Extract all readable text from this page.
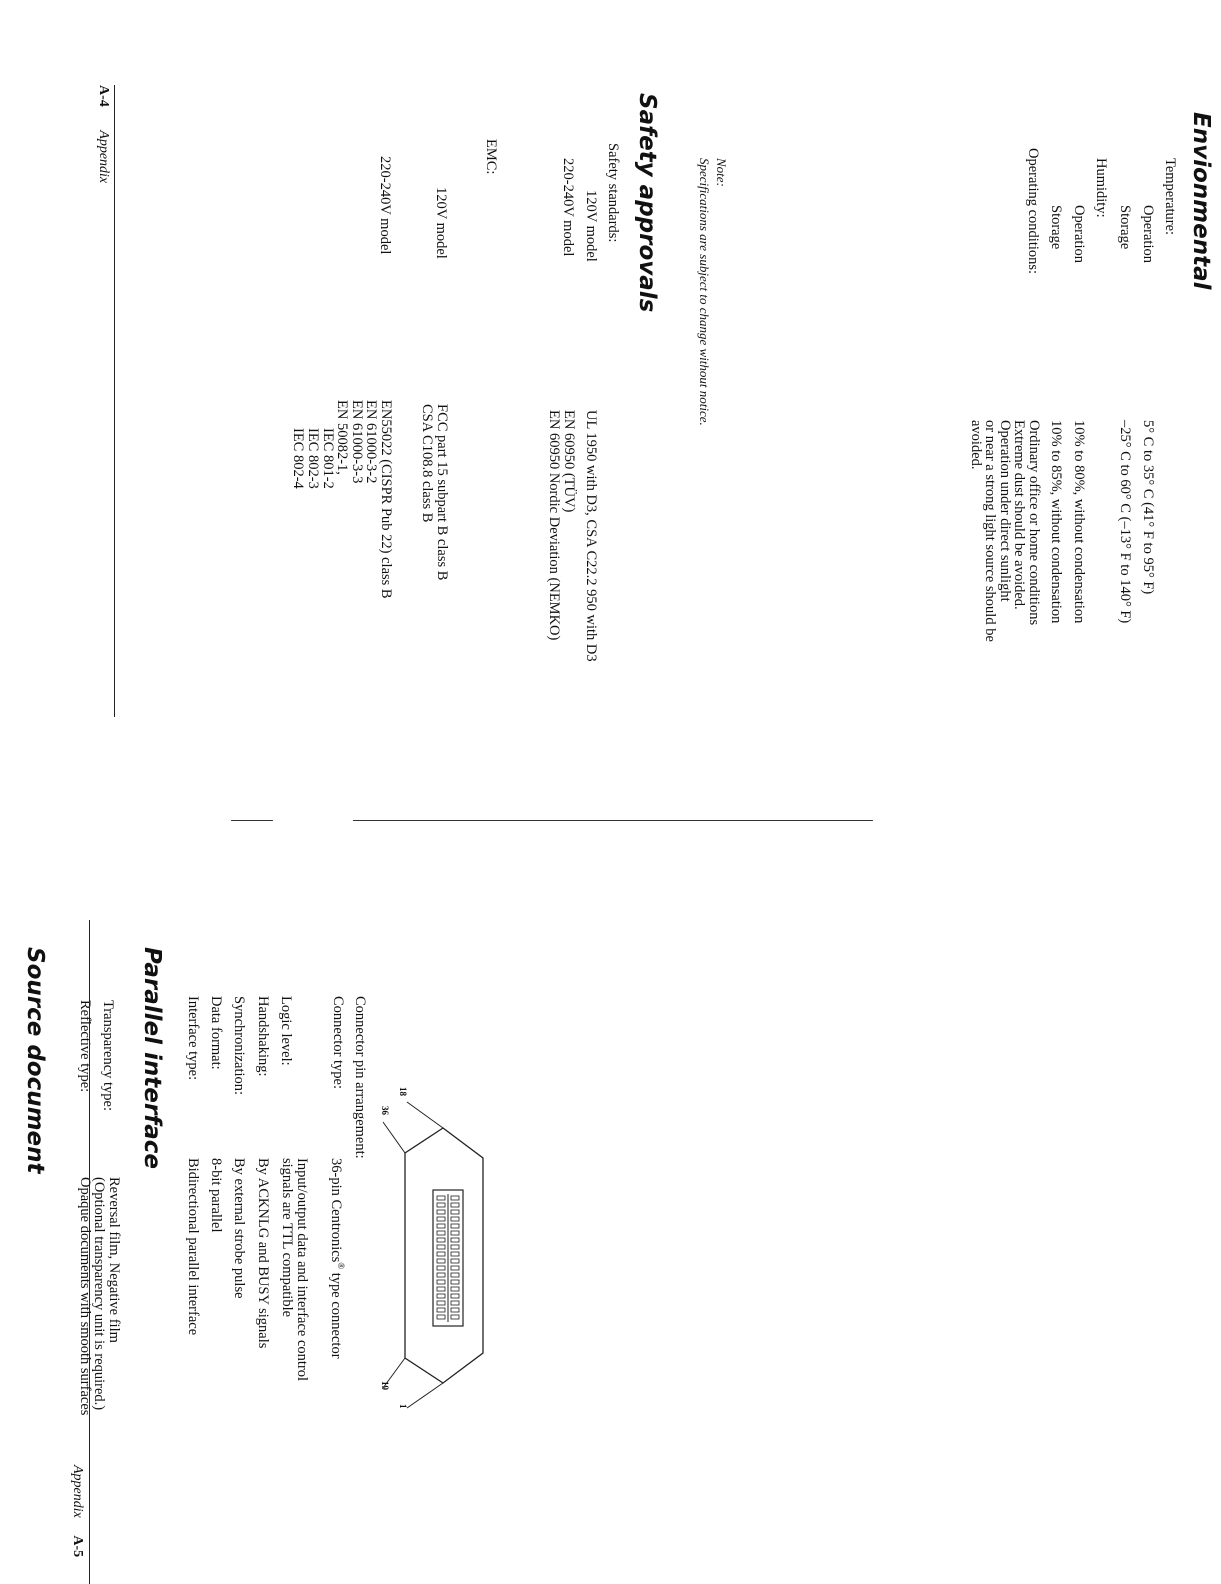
Envionmental
Temperature:
Operation
5° C to 35° C (41° F to 95° F)
Storage
–25° C to 60° C (–13° F to 140° F)
Humidity:
Operation
10% to 80%, without condensation
Storage
10% to 85%, without condensation
Operating conditions:
Ordinary office or home conditions
Extreme dust should be avoided.
Operation under direct sunlight
or near a strong light source should be
avoided.
Note:
Specifications are subject to change without notice.
Safety approvals
Safety standards:
120V model
UL 1950 with D3, CSA C22.2 950 with D3
220-240V model
EN 60950 (TÜV)
EN 60950 Nordic Deviation (NEMKO)
EMC:
120V model
FCC part 15 subpart B class B
CSA C108.8 class B
220-240V model
EN55022 (CISPR Pub 22) class B
EN 61000-3-2
EN 61000-3-3
EN 50082-1,
IEC 801-2
IEC 802-3
IEC 802-4
A-4 Appendix
Source document Reflective type:
Opaque documents with smooth surfaces
Transparency type:
Reversal film, Negative film
(Optional transparency unit is required.)
Parallel interface Interface type:
Bidirectional parallel interface
Data format:
8-bit parallel
Synchronization:
By external strobe pulse
Handshaking:
By ACKNLG and BUSY signals
Logic level:
Input/output data and interface control
signals are TTL compatible
Connector type:
36-pin Centronics® type connector
Connector pin arrangement:	18
1
36
19
Appendix A-5
